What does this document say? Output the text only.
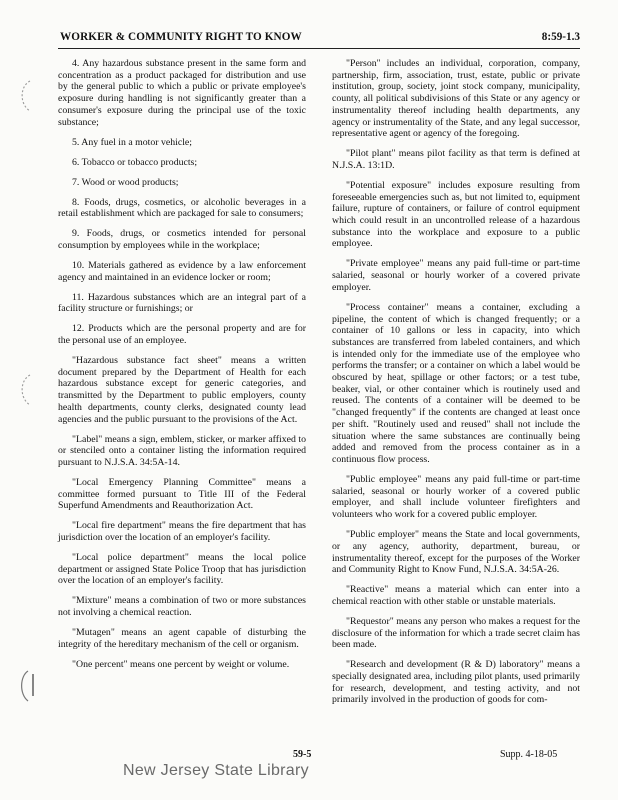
WORKER & COMMUNITY RIGHT TO KNOW	8:59-1.3

4. Any hazardous substance present in the same form and concentration as a product packaged for distribution and use by the general public to which a public or private employee's exposure during handling is not significantly greater than a consumer's exposure during the principal use of the toxic substance;

5. Any fuel in a motor vehicle;

6. Tobacco or tobacco products;

7. Wood or wood products;

8. Foods, drugs, cosmetics, or alcoholic beverages in a retail establishment which are packaged for sale to consumers;

9. Foods, drugs, or cosmetics intended for personal consumption by employees while in the workplace;

10. Materials gathered as evidence by a law enforcement agency and maintained in an evidence locker or room;

11. Hazardous substances which are an integral part of a facility structure or furnishings; or

12. Products which are the personal property and are for the personal use of an employee.

"Hazardous substance fact sheet" means a written document prepared by the Department of Health for each hazardous substance except for generic categories, and transmitted by the Department to public employers, county health departments, county clerks, designated county lead agencies and the public pursuant to the provisions of the Act.

"Label" means a sign, emblem, sticker, or marker affixed to or stenciled onto a container listing the information required pursuant to N.J.S.A. 34:5A-14.

"Local Emergency Planning Committee" means a committee formed pursuant to Title III of the Federal Superfund Amendments and Reauthorization Act.

"Local fire department" means the fire department that has jurisdiction over the location of an employer's facility.

"Local police department" means the local police department or assigned State Police Troop that has jurisdiction over the location of an employer's facility.

"Mixture" means a combination of two or more substances not involving a chemical reaction.

"Mutagen" means an agent capable of disturbing the integrity of the hereditary mechanism of the cell or organism.

"One percent" means one percent by weight or volume.

"Person" includes an individual, corporation, company, partnership, firm, association, trust, estate, public or private institution, group, society, joint stock company, municipality, county, all political subdivisions of this State or any agency or instrumentality thereof including health departments, any agency or instrumentality of the State, and any legal successor, representative agent or agency of the foregoing.

"Pilot plant" means pilot facility as that term is defined at N.J.S.A. 13:1D.

"Potential exposure" includes exposure resulting from foreseeable emergencies such as, but not limited to, equipment failure, rupture of containers, or failure of control equipment which could result in an uncontrolled release of a hazardous substance into the workplace and exposure to a public employee.

"Private employee" means any paid full-time or part-time salaried, seasonal or hourly worker of a covered private employer.

"Process container" means a container, excluding a pipeline, the content of which is changed frequently; or a container of 10 gallons or less in capacity, into which substances are transferred from labeled containers, and which is intended only for the immediate use of the employee who performs the transfer; or a container on which a label would be obscured by heat, spillage or other factors; or a test tube, beaker, vial, or other container which is routinely used and reused. The contents of a container will be deemed to be "changed frequently" if the contents are changed at least once per shift. "Routinely used and reused" shall not include the situation where the same substances are continually being added and removed from the process container as in a continuous flow process.

"Public employee" means any paid full-time or part-time salaried, seasonal or hourly worker of a covered public employer, and shall include volunteer firefighters and volunteers who work for a covered public employer.

"Public employer" means the State and local governments, or any agency, authority, department, bureau, or instrumentality thereof, except for the purposes of the Worker and Community Right to Know Fund, N.J.S.A. 34:5A-26.

"Reactive" means a material which can enter into a chemical reaction with other stable or unstable materials.

"Requestor" means any person who makes a request for the disclosure of the information for which a trade secret claim has been made.

"Research and development (R & D) laboratory" means a specially designated area, including pilot plants, used primarily for research, development, and testing activity, and not primarily involved in the production of goods for com-

59-5	Supp. 4-18-05
New Jersey State Library
